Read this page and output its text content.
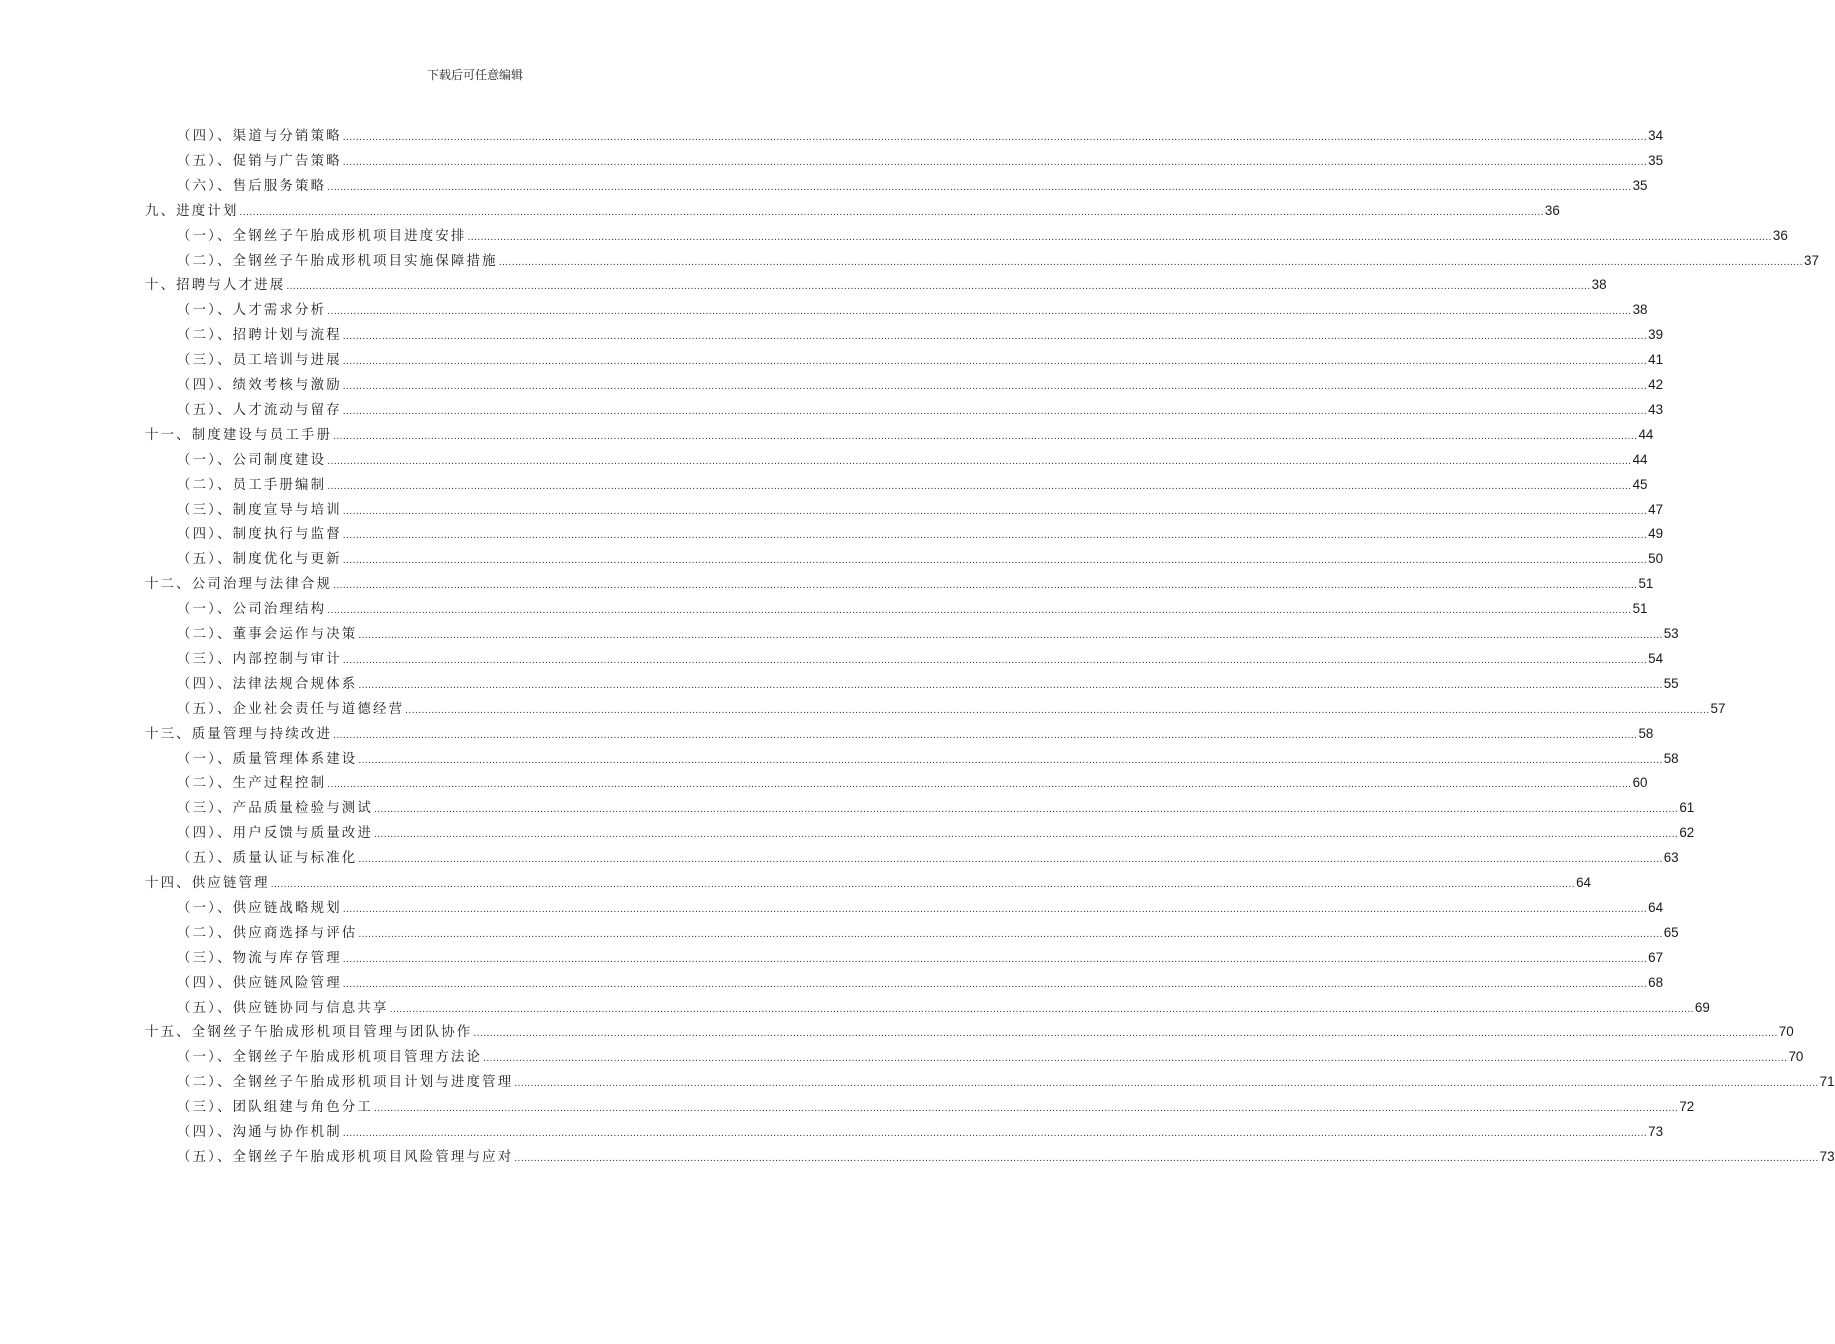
下载后可任意编辑
（四）、渠道与分销策略 ................................................................................................................................................................................................................................................................................................................................................................................................................ 34
（五）、促销与广告策略 ................................................................................................................................................................................................................................................................................................................................................................................................................ 35
（六）、售后服务策略 ................................................................................................................................................................................................................................................................................................................................................................................................................ 35
九、进度计划 ................................................................................................................................................................................................................................................................................................................................................................................................................ 36
（一）、全钢丝子午胎成形机项目进度安排 ................................................................................................................................................................................................................................................................................................................................................................................................................ 36
（二）、全钢丝子午胎成形机项目实施保障措施 ................................................................................................................................................................................................................................................................................................................................................................................................................ 37
十、招聘与人才进展 ................................................................................................................................................................................................................................................................................................................................................................................................................ 38
（一）、人才需求分析 ................................................................................................................................................................................................................................................................................................................................................................................................................ 38
（二）、招聘计划与流程 ................................................................................................................................................................................................................................................................................................................................................................................................................ 39
（三）、员工培训与进展 ................................................................................................................................................................................................................................................................................................................................................................................................................ 41
（四）、绩效考核与激励 ................................................................................................................................................................................................................................................................................................................................................................................................................ 42
（五）、人才流动与留存 ................................................................................................................................................................................................................................................................................................................................................................................................................ 43
十一、制度建设与员工手册 ................................................................................................................................................................................................................................................................................................................................................................................................................ 44
（一）、公司制度建设 ................................................................................................................................................................................................................................................................................................................................................................................................................ 44
（二）、员工手册编制 ................................................................................................................................................................................................................................................................................................................................................................................................................ 45
（三）、制度宣导与培训 ................................................................................................................................................................................................................................................................................................................................................................................................................ 47
（四）、制度执行与监督 ................................................................................................................................................................................................................................................................................................................................................................................................................ 49
（五）、制度优化与更新 ................................................................................................................................................................................................................................................................................................................................................................................................................ 50
十二、公司治理与法律合规 ................................................................................................................................................................................................................................................................................................................................................................................................................ 51
（一）、公司治理结构 ................................................................................................................................................................................................................................................................................................................................................................................................................ 51
（二）、董事会运作与决策 ................................................................................................................................................................................................................................................................................................................................................................................................................ 53
（三）、内部控制与审计 ................................................................................................................................................................................................................................................................................................................................................................................................................ 54
（四）、法律法规合规体系 ................................................................................................................................................................................................................................................................................................................................................................................................................ 55
（五）、企业社会责任与道德经营 ................................................................................................................................................................................................................................................................................................................................................................................................................ 57
十三、质量管理与持续改进 ................................................................................................................................................................................................................................................................................................................................................................................................................ 58
（一）、质量管理体系建设 ................................................................................................................................................................................................................................................................................................................................................................................................................ 58
（二）、生产过程控制 ................................................................................................................................................................................................................................................................................................................................................................................................................ 60
（三）、产品质量检验与测试 ................................................................................................................................................................................................................................................................................................................................................................................................................ 61
（四）、用户反馈与质量改进 ................................................................................................................................................................................................................................................................................................................................................................................................................ 62
（五）、质量认证与标准化 ................................................................................................................................................................................................................................................................................................................................................................................................................ 63
十四、供应链管理 ................................................................................................................................................................................................................................................................................................................................................................................................................ 64
（一）、供应链战略规划 ................................................................................................................................................................................................................................................................................................................................................................................................................ 64
（二）、供应商选择与评估 ................................................................................................................................................................................................................................................................................................................................................................................................................ 65
（三）、物流与库存管理 ................................................................................................................................................................................................................................................................................................................................................................................................................ 67
（四）、供应链风险管理 ................................................................................................................................................................................................................................................................................................................................................................................................................ 68
（五）、供应链协同与信息共享 ................................................................................................................................................................................................................................................................................................................................................................................................................ 69
十五、全钢丝子午胎成形机项目管理与团队协作 ................................................................................................................................................................................................................................................................................................................................................................................................................ 70
（一）、全钢丝子午胎成形机项目管理方法论 ................................................................................................................................................................................................................................................................................................................................................................................................................ 70
（二）、全钢丝子午胎成形机项目计划与进度管理 ................................................................................................................................................................................................................................................................................................................................................................................................................ 71
（三）、团队组建与角色分工 ................................................................................................................................................................................................................................................................................................................................................................................................................ 72
（四）、沟通与协作机制 ................................................................................................................................................................................................................................................................................................................................................................................................................ 73
（五）、全钢丝子午胎成形机项目风险管理与应对 ................................................................................................................................................................................................................................................................................................................................................................................................................ 73
